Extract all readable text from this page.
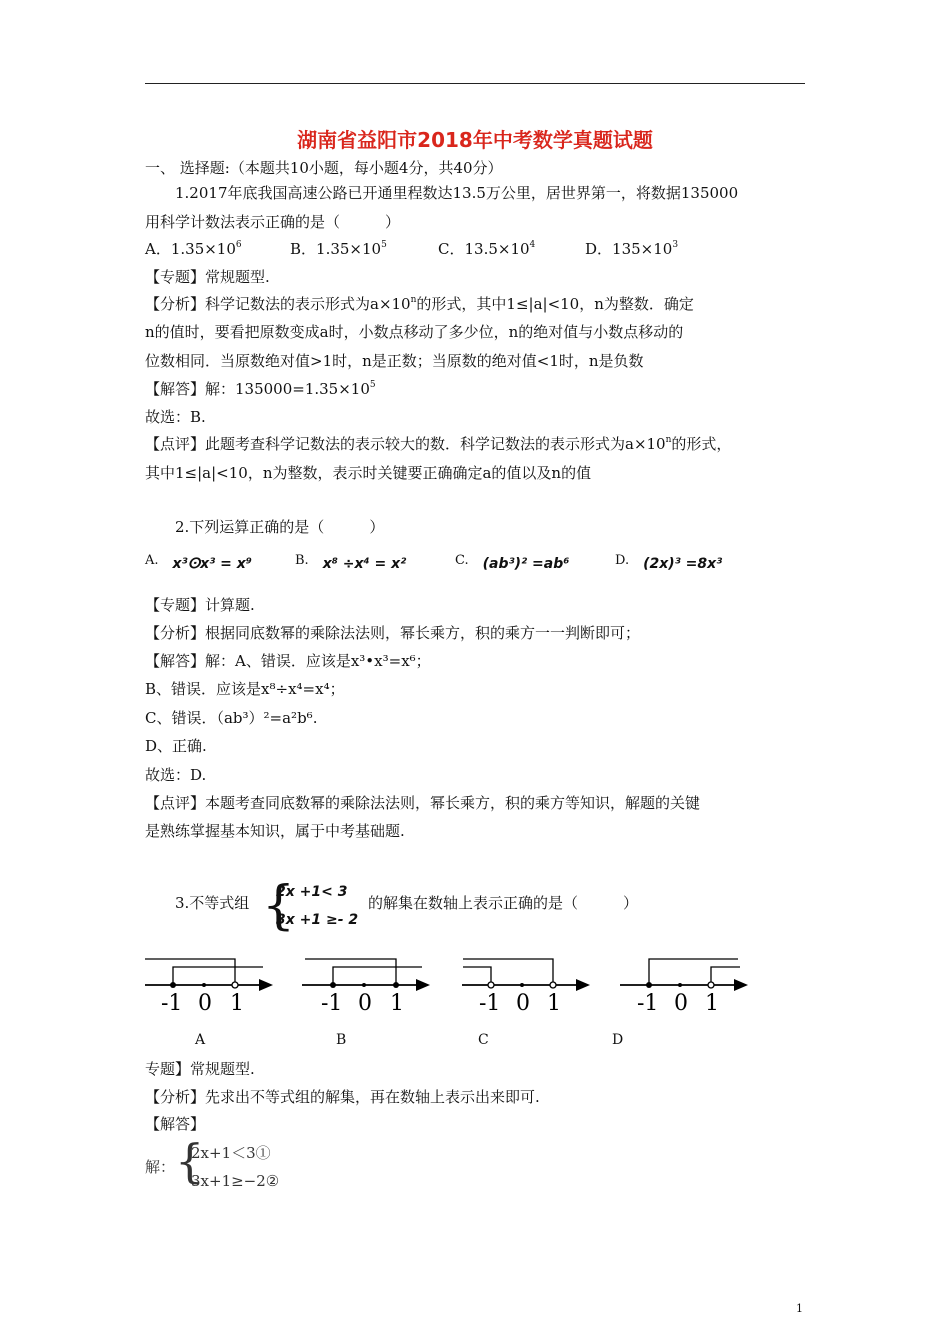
湖南省益阳市2018年中考数学真题试题
一、 选择题:（本题共10小题，每小题4分，共40分）
1.2017年底我国高速公路已开通里程数达13.5万公里，居世界第一，将数据135000
用科学计数法表示正确的是（　　　）
A．$1.35\times 10^6$	B．$1.35\times 10^5$	C．$13.5\times 10^4$	D．$135\times 10^3$
【专题】常规题型.
【分析】科学记数法的表示形式为$a\times 10^n$的形式，其中1≤|a|<10，n为整数．确定
n的值时，要看把原数变成a时，小数点移动了多少位，n的绝对值与小数点移动的
位数相同．当原数绝对值>1时，n是正数；当原数的绝对值<1时，n是负数
【解答】解：$135000=1.35\times 10^5$
故选：B.
【点评】此题考查科学记数法的表示较大的数．科学记数法的表示形式为$a\times 10^n$的形式，
其中1≤|a|<10，n为整数，表示时关键要正确确定a的值以及n的值
2.下列运算正确的是（　　　）
A. x³ⵙx³ = x⁹	B. x⁸ ÷x⁴ = x²	C. (ab³)² =ab⁶	D. (2x)³ =8x³
【专题】计算题.
【分析】根据同底数幂的乘除法法则，幂长乘方，积的乘方一一判断即可；
【解答】解：A、错误．应该是x³•x³=x⁶；
B、错误．应该是x⁸÷x⁴=x⁴；
C、错误．（ab³）²=a²b⁶.
D、正确.
故选：D.
【点评】本题考查同底数幂的乘除法法则，幂长乘方，积的乘方等知识，解题的关键
是熟练掌握基本知识，属于中考基础题.
3.不等式组 {
2x +1< 3
3x +1 ≥- 2
的解集在数轴上表示正确的是（　　　）
-1 0 1	-1 0 1	-1 0 1	-1 0 1
A	B	C	D
专题】常规题型.
【分析】先求出不等式组的解集，再在数轴上表示出来即可.
【解答】
解： {
2x+1＜3①
3x+1≥−2②
1
